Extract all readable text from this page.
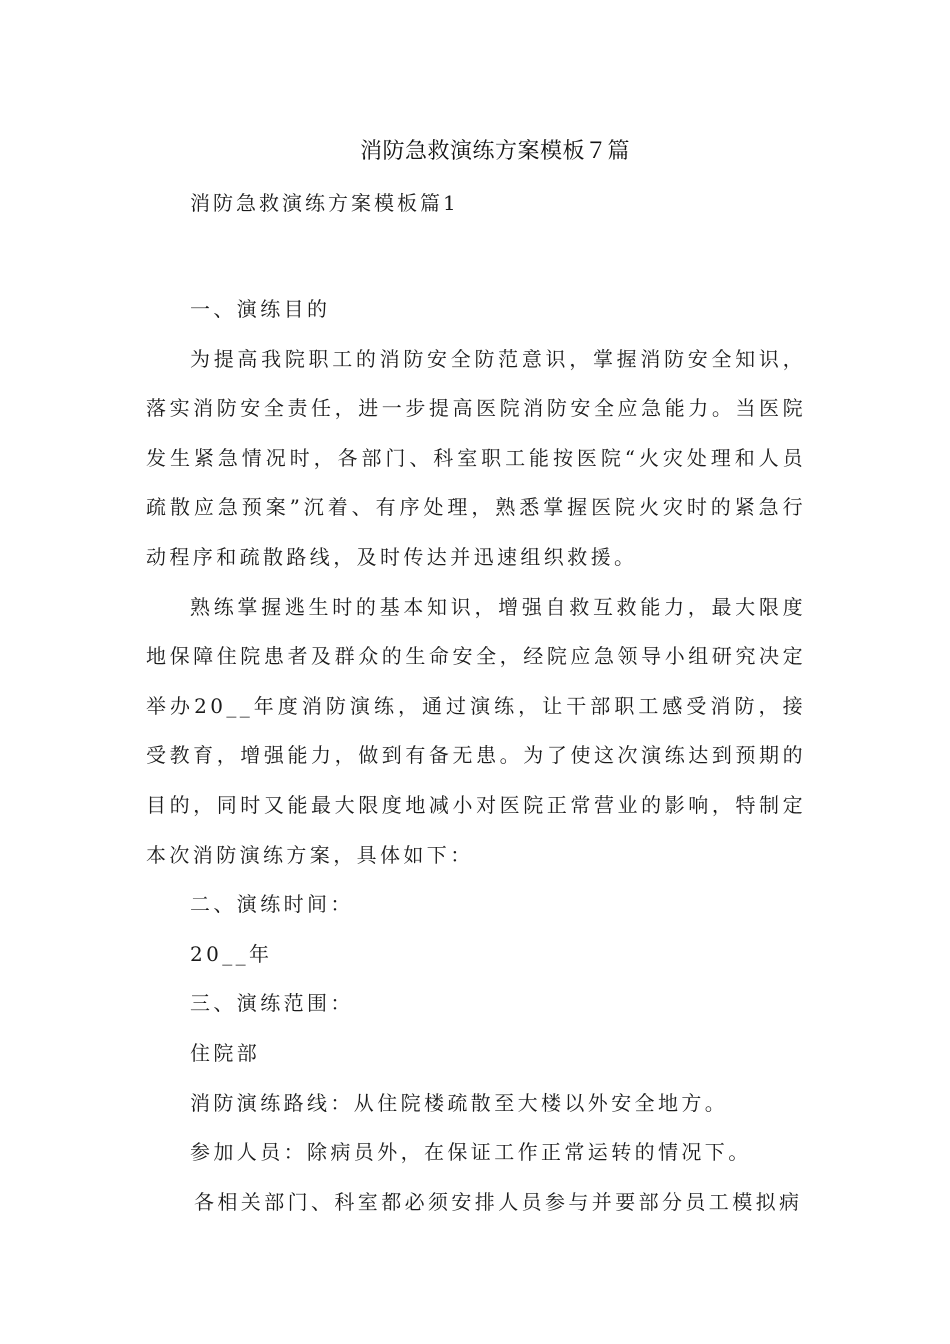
消防急救演练方案模板７篇
消防急救演练方案模板篇1

一、演练目的

为提高我院职工的消防安全防范意识，掌握消防安全知识，落实消防安全责任，进一步提高医院消防安全应急能力。当医院发生紧急情况时，各部门、科室职工能按医院“火灾处理和人员疏散应急预案”沉着、有序处理，熟悉掌握医院火灾时的紧急行动程序和疏散路线，及时传达并迅速组织救援。

熟练掌握逃生时的基本知识，增强自救互救能力，最大限度地保障住院患者及群众的生命安全，经院应急领导小组研究决定举办20__年度消防演练，通过演练，让干部职工感受消防，接受教育，增强能力，做到有备无患。为了使这次演练达到预期的目的，同时又能最大限度地减小对医院正常营业的影响，特制定本次消防演练方案，具体如下：

二、演练时间：

20__年

三、演练范围：

住院部

消防演练路线：从住院楼疏散至大楼以外安全地方。

参加人员：除病员外，在保证工作正常运转的情况下。

各相关部门、科室都必须安排人员参与并要部分员工模拟病
